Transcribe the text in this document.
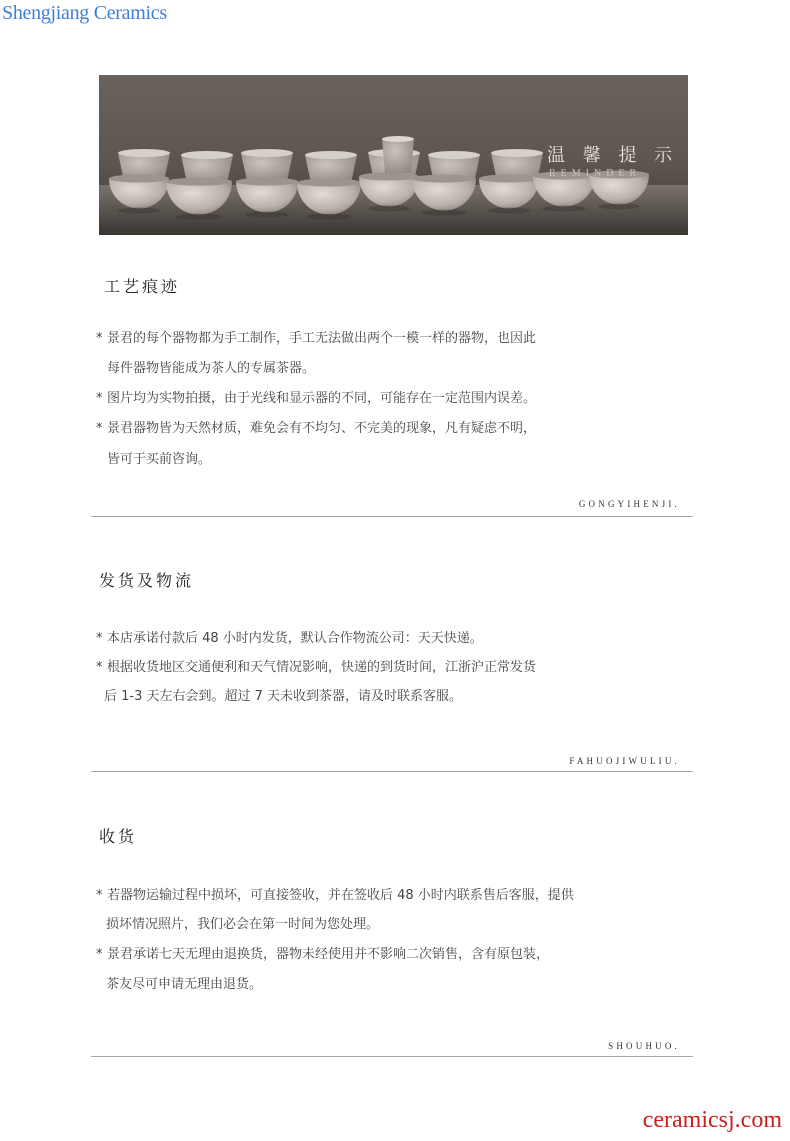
Shengjiang Ceramics
温 馨 提 示
REMINDER
工艺痕迹
* 景君的每个器物都为手工制作，手工无法做出两个一模一样的器物，也因此
每件器物皆能成为茶人的专属茶器。
* 图片均为实物拍摄，由于光线和显示器的不同，可能存在一定范围内误差。
* 景君器物皆为天然材质，难免会有不均匀、不完美的现象，凡有疑虑不明，
皆可于买前咨询。
GONGYIHENJI.
发货及物流
* 本店承诺付款后 48 小时内发货，默认合作物流公司：天天快递。
* 根据收货地区交通便利和天气情况影响，快递的到货时间，江浙沪正常发货
后 1-3 天左右会到。超过 7 天未收到茶器，请及时联系客服。
FAHUOJIWULIU.
收货
* 若器物运输过程中损坏，可直接签收，并在签收后 48 小时内联系售后客服，提供
损坏情况照片，我们必会在第一时间为您处理。
* 景君承诺七天无理由退换货，器物未经使用并不影响二次销售，含有原包装，
茶友尽可申请无理由退货。
SHOUHUO.
ceramicsj.com
